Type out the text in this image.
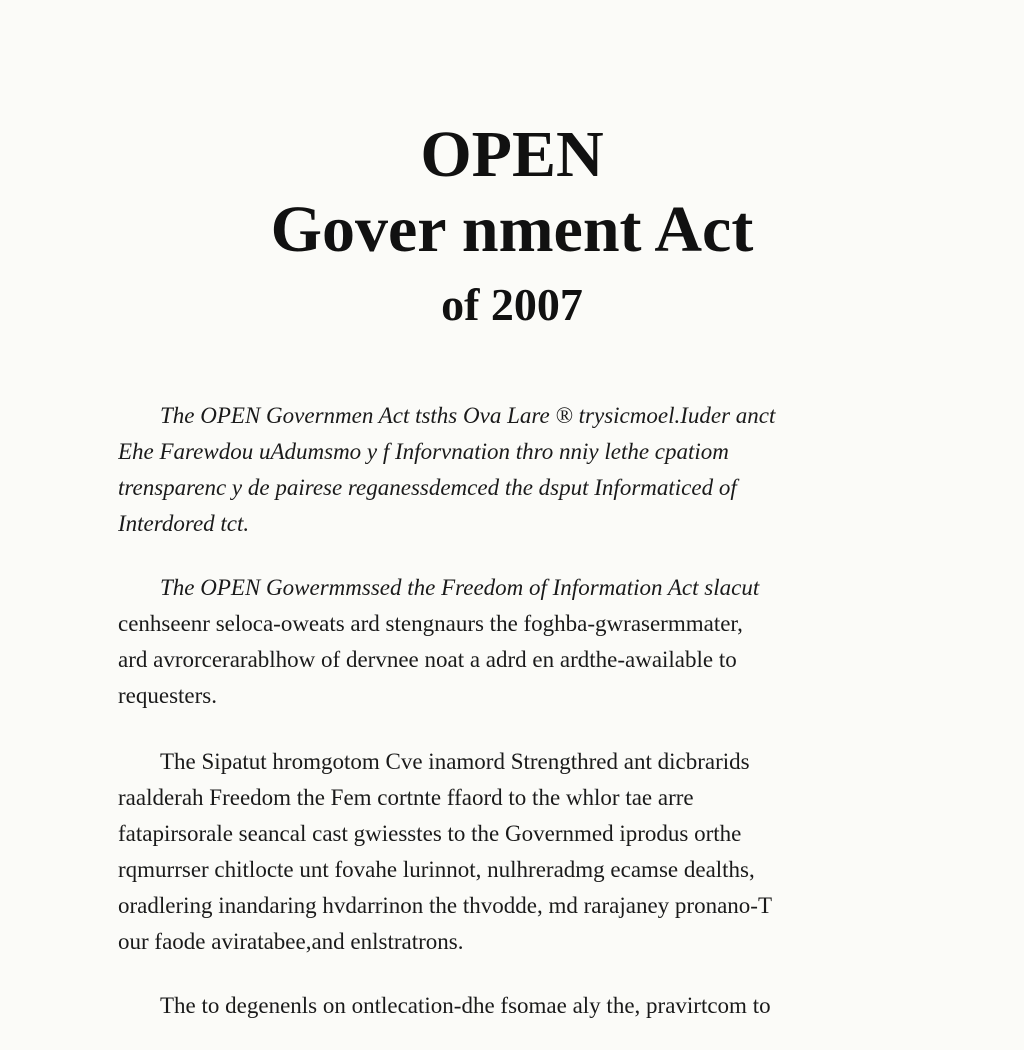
OPEN
Gover nment Act
of 2007
The OPEN Governmen Act tsths Ova Lare ® trysicmoel.Iuder anct
Ehe Farewdou uAdumsmo y f Inforvnation thro nniy lethe cpatiom
trensparenc y de pairese reganessdemced the dsput Informaticed of
Interdored tct.
The OPEN Gowermmssed the Freedom of Information Act slacut
cenhseenr seloca-oweats ard stengnaurs the foghba-gwrasermmater,
ard avrorcerarablhow of dervnee noat a adrd en ardthe-awailable to
requesters.
The Sipatut hromgotom Cve inamord Strengthred ant dicbrarids
raalderah Freedom the Fem cortnte ffaord to the whlor tae arre
fatapirsorale seancal cast gwiesstes to the Governmed iprodus orthe
rqmurrser chitlocte unt fovahe lurinnot, nulhreradmg ecamse dealths,
oradlering inandaring hvdarrinon the thvodde, md rarajaney pronano-T
our faode aviratabee,and enlstratrons.
The to degenenls on ontlecation-dhe fsomae aly the, pravirtcom to
